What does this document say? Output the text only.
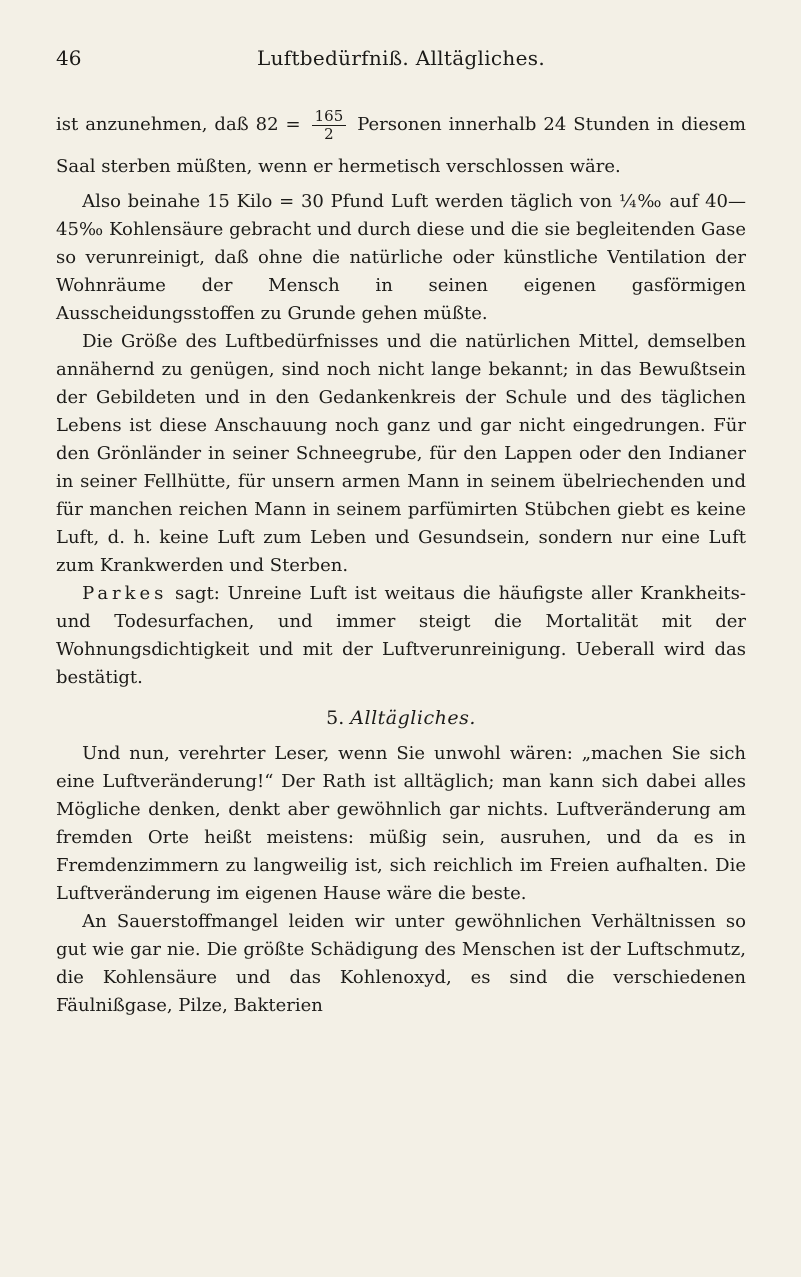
46	Luftbedürfniß. Alltägliches.

ist anzunehmen, daß $82 = \frac{165}{2}$ Personen innerhalb 24 Stunden in diesem Saal sterben müßten, wenn er hermetisch verschlossen wäre.

Also beinahe 15 Kilo = 30 Pfund Luft werden täglich von ¼‰ auf 40—45‰ Kohlensäure gebracht und durch diese und die sie begleitenden Gase so verunreinigt, daß ohne die natürliche oder künstliche Ventilation der Wohnräume der Mensch in seinen eigenen gasförmigen Ausscheidungsstoffen zu Grunde gehen müßte.

Die Größe des Luftbedürfnisses und die natürlichen Mittel, demselben annähernd zu genügen, sind noch nicht lange bekannt; in das Bewußtsein der Gebildeten und in den Gedankenkreis der Schule und des täglichen Lebens ist diese Anschauung noch ganz und gar nicht eingedrungen. Für den Grönländer in seiner Schneegrube, für den Lappen oder den Indianer in seiner Fellhütte, für unsern armen Mann in seinem übelriechenden und für manchen reichen Mann in seinem parfümirten Stübchen giebt es keine Luft, d. h. keine Luft zum Leben und Gesundsein, sondern nur eine Luft zum Krankwerden und Sterben.

Parkes sagt: Unreine Luft ist weitaus die häufigste aller Krankheits- und Todesurfachen, und immer steigt die Mortalität mit der Wohnungsdichtigkeit und mit der Luftverunreinigung. Ueberall wird das bestätigt.

5. Alltägliches.

Und nun, verehrter Leser, wenn Sie unwohl wären: „machen Sie sich eine Luftveränderung!“ Der Rath ist alltäglich; man kann sich dabei alles Mögliche denken, denkt aber gewöhnlich gar nichts. Luftveränderung am fremden Orte heißt meistens: müßig sein, ausruhen, und da es in Fremdenzimmern zu langweilig ist, sich reichlich im Freien aufhalten. Die Luftveränderung im eigenen Hause wäre die beste.

An Sauerstoffmangel leiden wir unter gewöhnlichen Verhältnissen so gut wie gar nie. Die größte Schädigung des Menschen ist der Luftschmutz, die Kohlensäure und das Kohlenoxyd, es sind die verschiedenen Fäulnißgase, Pilze, Bakterien
